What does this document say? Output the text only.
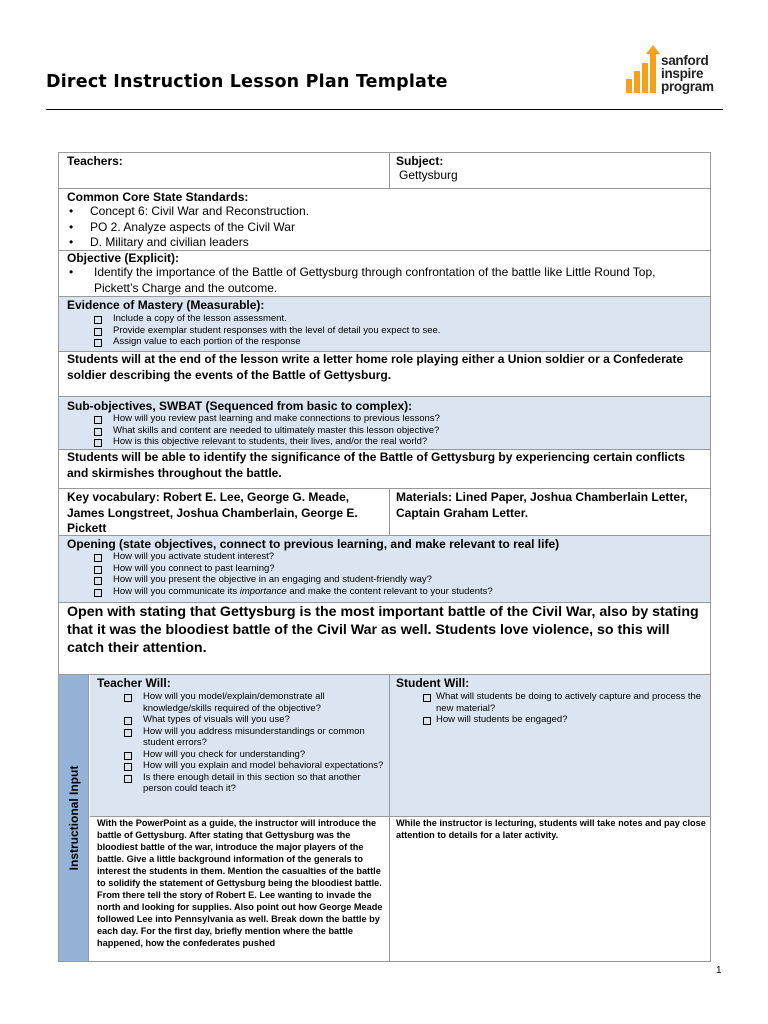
Direct Instruction Lesson Plan Template
sanford
inspire
program
Teachers:	Subject:
Gettysburg
Common Core State Standards:
• Concept 6: Civil War and Reconstruction.
• PO 2. Analyze aspects of the Civil War
• D. Military and civilian leaders
Objective (Explicit):
• Identify the importance of the Battle of Gettysburg through confrontation of the battle like Little Round Top, Pickett’s Charge and the outcome.
Evidence of Mastery (Measurable):
Include a copy of the lesson assessment.
Provide exemplar student responses with the level of detail you expect to see.
Assign value to each portion of the response
Students will at the end of the lesson write a letter home role playing either a Union soldier or a Confederate soldier describing the events of the Battle of Gettysburg.
Sub-objectives, SWBAT (Sequenced from basic to complex):
How will you review past learning and make connections to previous lessons?
What skills and content are needed to ultimately master this lesson objective?
How is this objective relevant to students, their lives, and/or the real world?
Students will be able to identify the significance of the Battle of Gettysburg by experiencing certain conflicts and skirmishes throughout the battle.
Key vocabulary: Robert E. Lee, George G. Meade, James Longstreet, Joshua Chamberlain, George E. Pickett
Materials: Lined Paper, Joshua Chamberlain Letter, Captain Graham Letter.
Opening (state objectives, connect to previous learning, and make relevant to real life)
How will you activate student interest?
How will you connect to past learning?
How will you present the objective in an engaging and student-friendly way?
How will you communicate its importance and make the content relevant to your students?
Open with stating that Gettysburg is the most important battle of the Civil War, also by stating that it was the bloodiest battle of the Civil War as well. Students love violence, so this will catch their attention.
Instructional Input
Teacher Will:
How will you model/explain/demonstrate all knowledge/skills required of the objective?
What types of visuals will you use?
How will you address misunderstandings or common student errors?
How will you check for understanding?
How will you explain and model behavioral expectations?
Is there enough detail in this section so that another person could teach it?
Student Will:
What will students be doing to actively capture and process the new material?
How will students be engaged?
With the PowerPoint as a guide, the instructor will introduce the battle of Gettysburg. After stating that Gettysburg was the bloodiest battle of the war, introduce the major players of the battle. Give a little background information of the generals to interest the students in them. Mention the casualties of the battle to solidify the statement of Gettysburg being the bloodiest battle. From there tell the story of Robert E. Lee wanting to invade the north and looking for supplies. Also point out how George Meade followed Lee into Pennsylvania as well. Break down the battle by each day. For the first day, briefly mention where the battle happened, how the confederates pushed
While the instructor is lecturing, students will take notes and pay close attention to details for a later activity.
1
